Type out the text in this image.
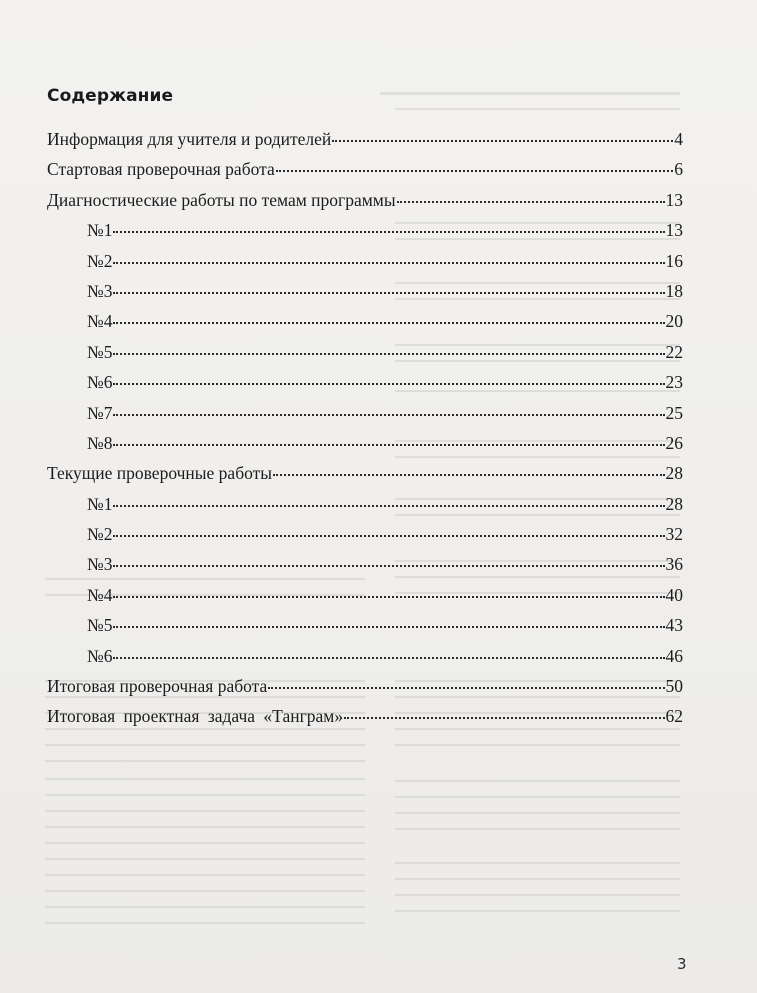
Содержание
Информация для учителя и родителей	4
Стартовая проверочная работа	6
Диагностические работы по темам программы	13
№1	13
№2	16
№3	18
№4	20
№5	22
№6	23
№7	25
№8	26
Текущие проверочные работы	28
№1	28
№2	32
№3	36
№4	40
№5	43
№6	46
Итоговая проверочная работа	50
Итоговая проектная задача «Танграм»	62
3
